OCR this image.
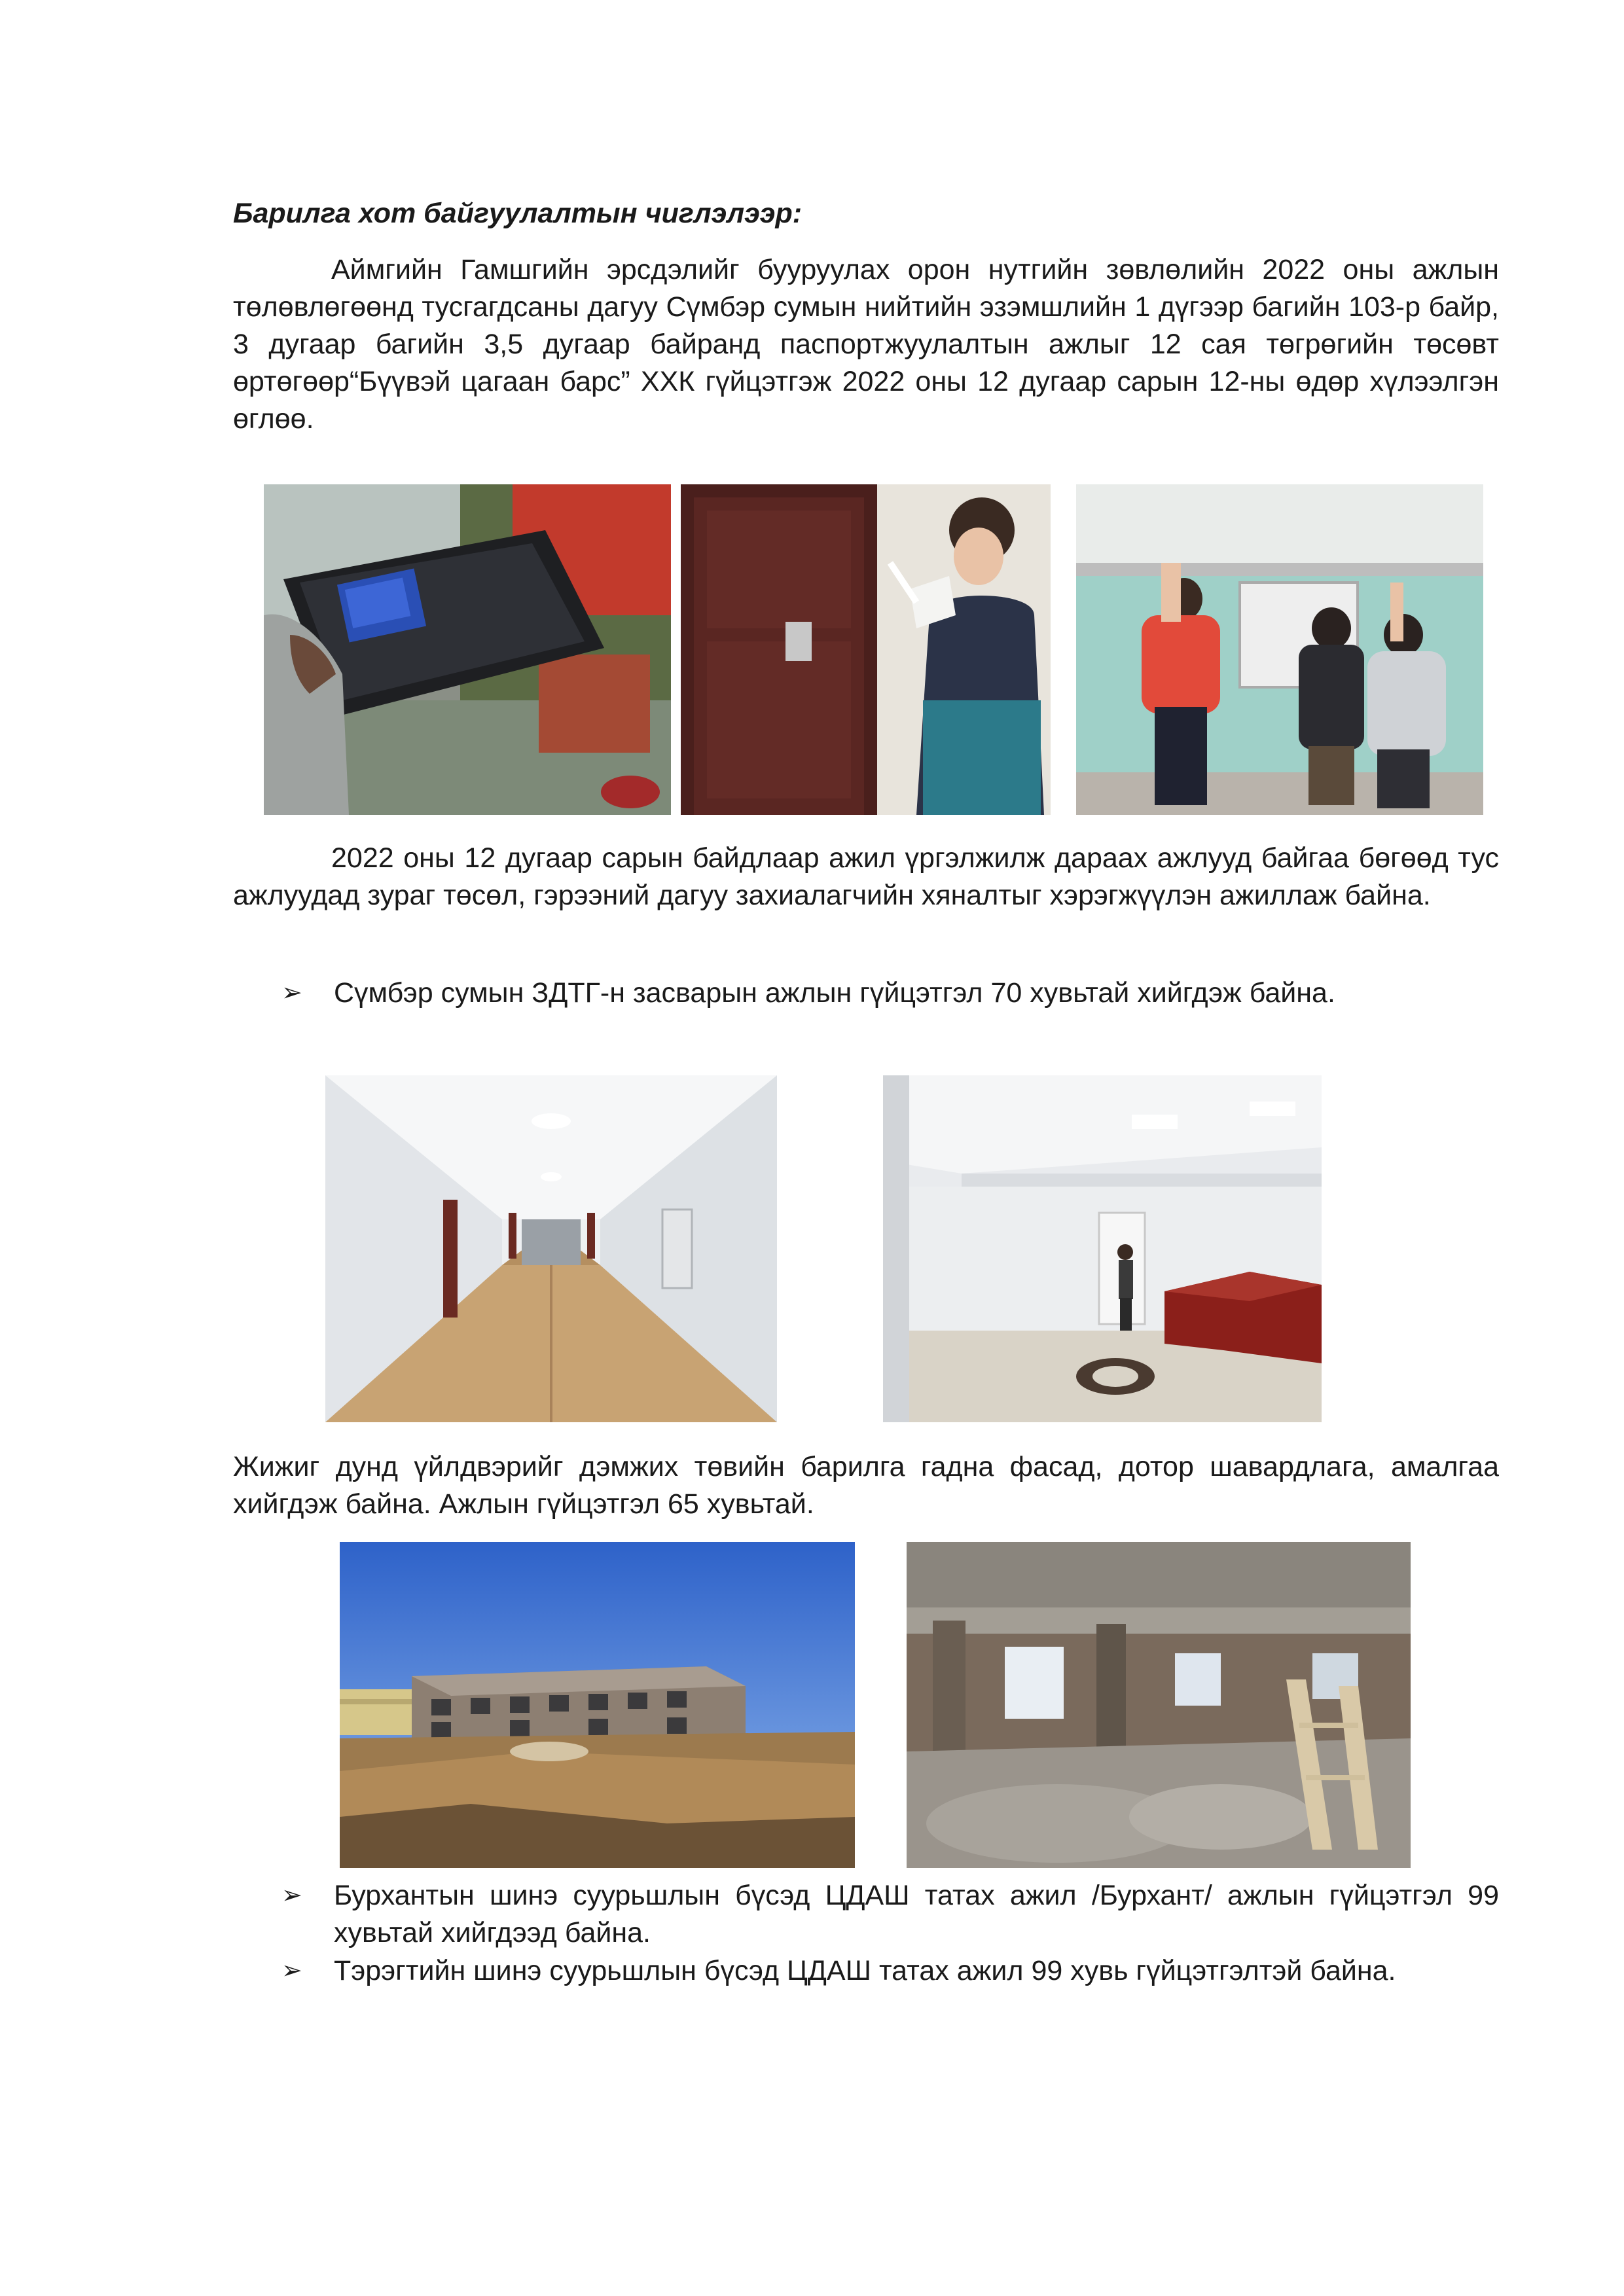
Барилга хот байгуулалтын чиглэлээр:
Аймгийн Гамшгийн эрсдэлийг бууруулах орон нутгийн зөвлөлийн 2022 оны ажлын төлөвлөгөөнд тусгагдсаны дагуу Сүмбэр сумын нийтийн эзэмшлийн 1 дүгээр багийн 103-р байр, 3 дугаар багийн 3,5 дугаар байранд паспортжуулалтын ажлыг 12 сая төгрөгийн төсөвт өртөгөөр“Бүүвэй цагаан барс” ХХК гүйцэтгэж 2022 оны 12 дугаар сарын 12-ны өдөр хүлээлгэн өглөө.
2022 оны 12 дугаар сарын байдлаар ажил үргэлжилж дараах ажлууд байгаа бөгөөд тус ажлуудад зураг төсөл, гэрээний дагуу захиалагчийн хяналтыг хэрэгжүүлэн ажиллаж байна.
➢ Сүмбэр сумын ЗДТГ-н засварын ажлын гүйцэтгэл 70 хувьтай хийгдэж байна.
Жижиг дунд үйлдвэрийг дэмжих төвийн барилга гадна фасад, дотор шавардлага, амалгаа хийгдэж байна. Ажлын гүйцэтгэл 65 хувьтай.
➢ Бурхантын шинэ суурьшлын бүсэд ЦДАШ татах ажил /Бурхант/ ажлын гүйцэтгэл 99 хувьтай хийгдээд байна.
➢ Тэрэгтийн шинэ суурьшлын бүсэд ЦДАШ татах ажил 99 хувь гүйцэтгэлтэй байна.
